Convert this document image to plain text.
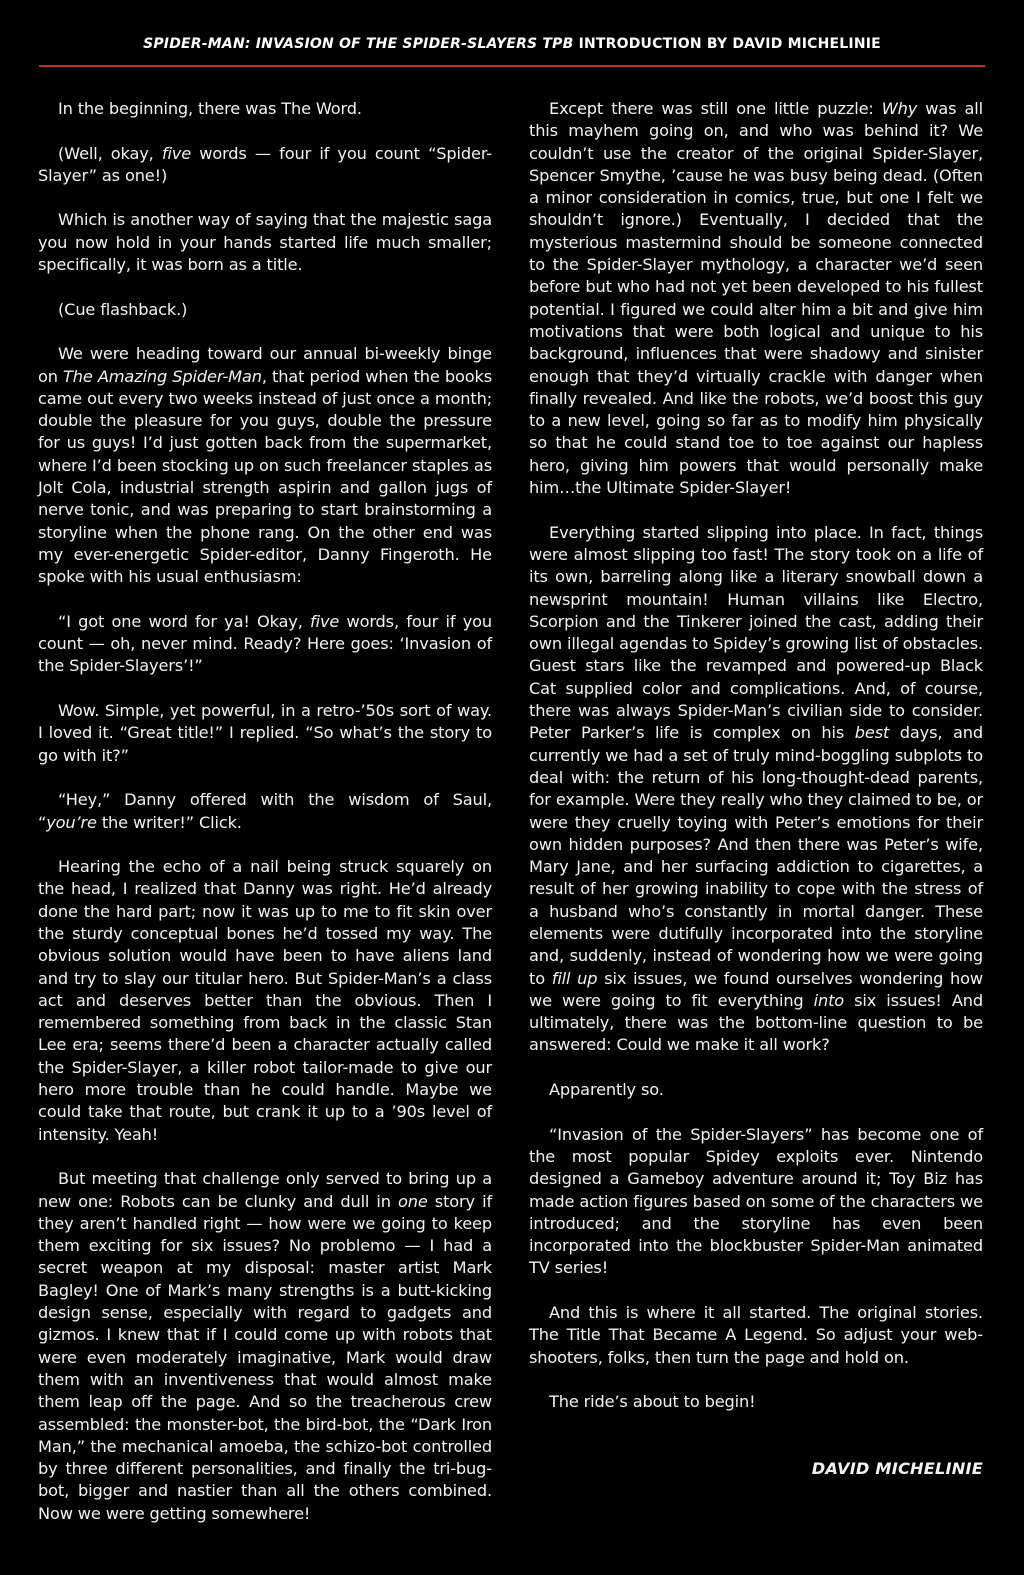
SPIDER-MAN: INVASION OF THE SPIDER-SLAYERS TPB INTRODUCTION BY DAVID MICHELINIE

In the beginning, there was The Word.

(Well, okay, five words — four if you count “Spider-Slayer” as one!)

Which is another way of saying that the majestic saga you now hold in your hands started life much smaller; specifically, it was born as a title.

(Cue flashback.)

We were heading toward our annual bi-weekly binge on The Amazing Spider-Man, that period when the books came out every two weeks instead of just once a month; double the pleasure for you guys, double the pressure for us guys! I’d just gotten back from the supermarket, where I’d been stocking up on such freelancer staples as Jolt Cola, industrial strength aspirin and gallon jugs of nerve tonic, and was preparing to start brainstorming a storyline when the phone rang. On the other end was my ever-energetic Spider-editor, Danny Fingeroth. He spoke with his usual enthusiasm:

“I got one word for ya! Okay, five words, four if you count — oh, never mind. Ready? Here goes: ‘Invasion of the Spider-Slayers’!”

Wow. Simple, yet powerful, in a retro-’50s sort of way. I loved it. “Great title!” I replied. “So what’s the story to go with it?”

“Hey,” Danny offered with the wisdom of Saul, “you’re the writer!” Click.

Hearing the echo of a nail being struck squarely on the head, I realized that Danny was right. He’d already done the hard part; now it was up to me to fit skin over the sturdy conceptual bones he’d tossed my way. The obvious solution would have been to have aliens land and try to slay our titular hero. But Spider-Man’s a class act and deserves better than the obvious. Then I remembered something from back in the classic Stan Lee era; seems there’d been a character actually called the Spider-Slayer, a killer robot tailor-made to give our hero more trouble than he could handle. Maybe we could take that route, but crank it up to a ’90s level of intensity. Yeah!

But meeting that challenge only served to bring up a new one: Robots can be clunky and dull in one story if they aren’t handled right — how were we going to keep them exciting for six issues? No problemo — I had a secret weapon at my disposal: master artist Mark Bagley! One of Mark’s many strengths is a butt-kicking design sense, especially with regard to gadgets and gizmos. I knew that if I could come up with robots that were even moderately imaginative, Mark would draw them with an inventiveness that would almost make them leap off the page. And so the treacherous crew assembled: the monster-bot, the bird-bot, the “Dark Iron Man,” the mechanical amoeba, the schizo-bot controlled by three different personalities, and finally the tri-bug-bot, bigger and nastier than all the others combined. Now we were getting somewhere!

Except there was still one little puzzle: Why was all this mayhem going on, and who was behind it? We couldn’t use the creator of the original Spider-Slayer, Spencer Smythe, ’cause he was busy being dead. (Often a minor consideration in comics, true, but one I felt we shouldn’t ignore.) Eventually, I decided that the mysterious mastermind should be someone connected to the Spider-Slayer mythology, a character we’d seen before but who had not yet been developed to his fullest potential. I figured we could alter him a bit and give him motivations that were both logical and unique to his background, influences that were shadowy and sinister enough that they’d virtually crackle with danger when finally revealed. And like the robots, we’d boost this guy to a new level, going so far as to modify him physically so that he could stand toe to toe against our hapless hero, giving him powers that would personally make him…the Ultimate Spider-Slayer!

Everything started slipping into place. In fact, things were almost slipping too fast! The story took on a life of its own, barreling along like a literary snowball down a newsprint mountain! Human villains like Electro, Scorpion and the Tinkerer joined the cast, adding their own illegal agendas to Spidey’s growing list of obstacles. Guest stars like the revamped and powered-up Black Cat supplied color and complications. And, of course, there was always Spider-Man’s civilian side to consider. Peter Parker’s life is complex on his best days, and currently we had a set of truly mind-boggling subplots to deal with: the return of his long-thought-dead parents, for example. Were they really who they claimed to be, or were they cruelly toying with Peter’s emotions for their own hidden purposes? And then there was Peter’s wife, Mary Jane, and her surfacing addiction to cigarettes, a result of her growing inability to cope with the stress of a husband who’s constantly in mortal danger. These elements were dutifully incorporated into the storyline and, suddenly, instead of wondering how we were going to fill up six issues, we found ourselves wondering how we were going to fit everything into six issues! And ultimately, there was the bottom-line question to be answered: Could we make it all work?

Apparently so.

“Invasion of the Spider-Slayers” has become one of the most popular Spidey exploits ever. Nintendo designed a Gameboy adventure around it; Toy Biz has made action figures based on some of the characters we introduced; and the storyline has even been incorporated into the blockbuster Spider-Man animated TV series!

And this is where it all started. The original stories. The Title That Became A Legend. So adjust your web-shooters, folks, then turn the page and hold on.

The ride’s about to begin!

DAVID MICHELINIE
